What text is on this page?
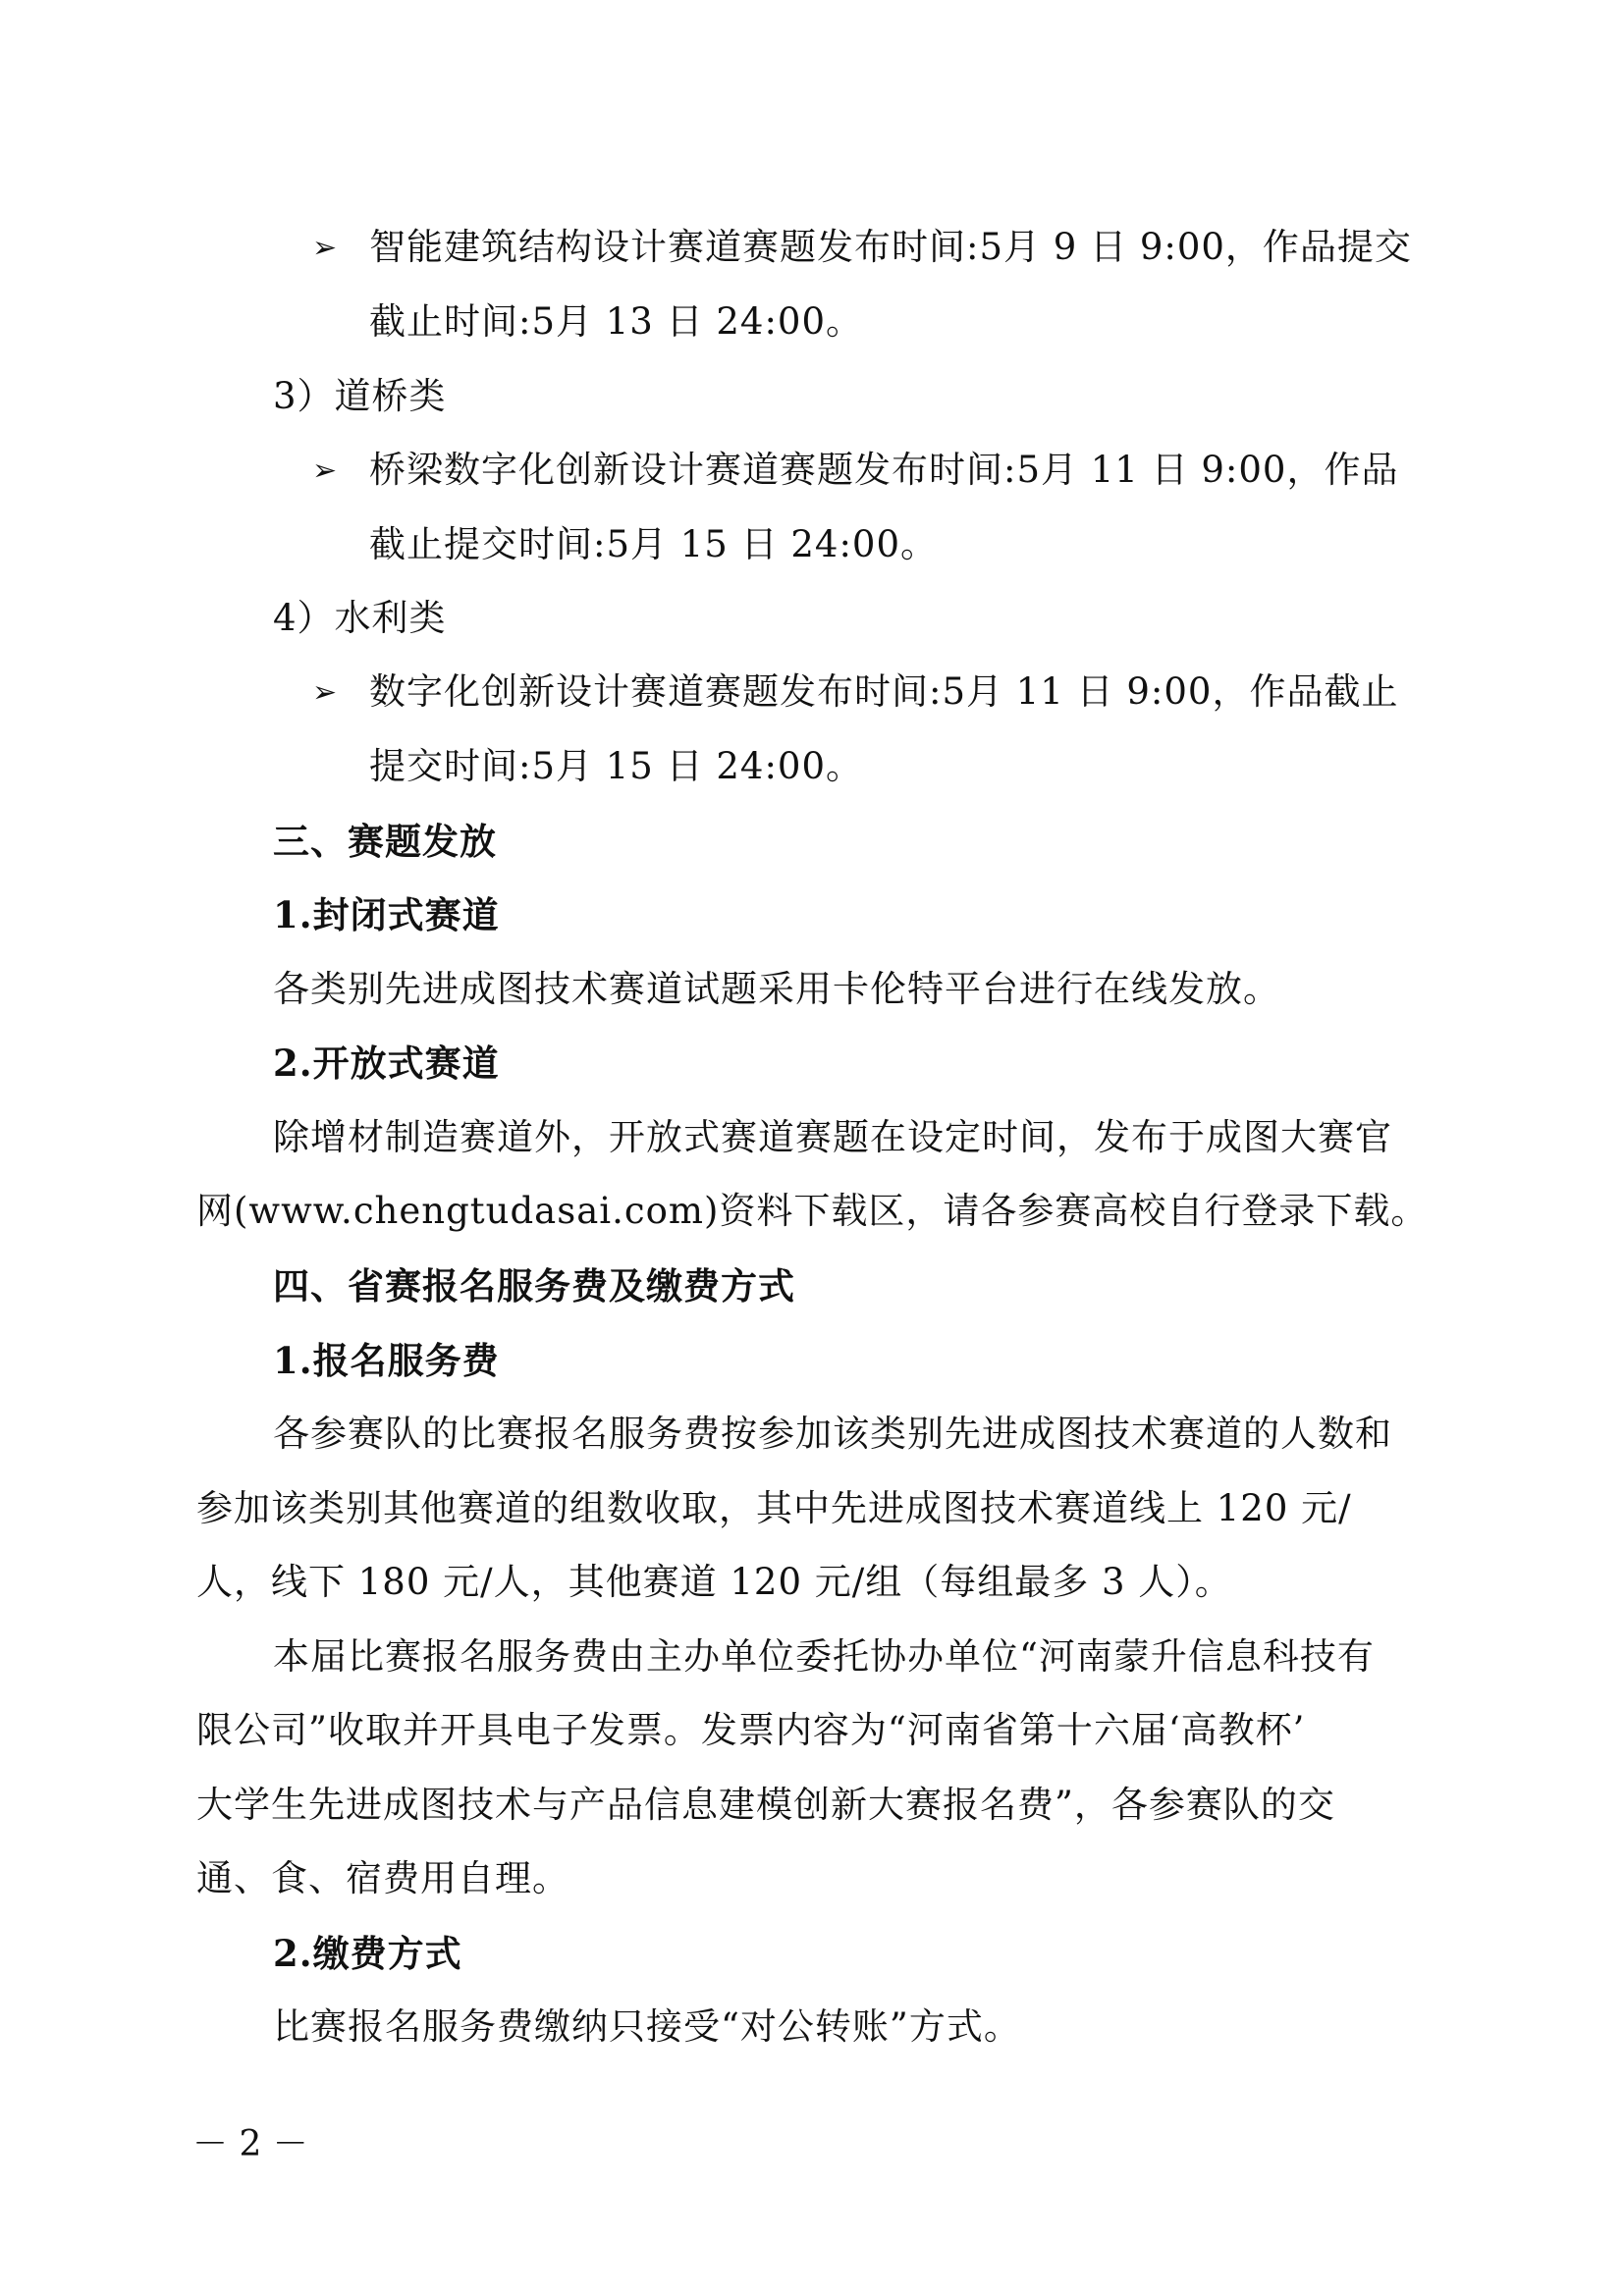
➢ 智能建筑结构设计赛道赛题发布时间:5月 9 日 9:00，作品提交
截止时间:5月 13 日 24:00。
3）道桥类
➢ 桥梁数字化创新设计赛道赛题发布时间:5月 11 日 9:00，作品
截止提交时间:5月 15 日 24:00。
4）水利类
➢ 数字化创新设计赛道赛题发布时间:5月 11 日 9:00，作品截止
提交时间:5月 15 日 24:00。
三、赛题发放
1.封闭式赛道
各类别先进成图技术赛道试题采用卡伦特平台进行在线发放。
2.开放式赛道
除增材制造赛道外，开放式赛道赛题在设定时间，发布于成图大赛官
网(www.chengtudasai.com)资料下载区，请各参赛高校自行登录下载。
四、省赛报名服务费及缴费方式
1.报名服务费
各参赛队的比赛报名服务费按参加该类别先进成图技术赛道的人数和
参加该类别其他赛道的组数收取，其中先进成图技术赛道线上 120 元/
人，线下 180 元/人，其他赛道 120 元/组（每组最多 3 人）。
本届比赛报名服务费由主办单位委托协办单位“河南蒙升信息科技有
限公司”收取并开具电子发票。发票内容为“河南省第十六届‘高教杯’
大学生先进成图技术与产品信息建模创新大赛报名费”，各参赛队的交
通、食、宿费用自理。
2.缴费方式
比赛报名服务费缴纳只接受“对公转账”方式。
－ 2 －
